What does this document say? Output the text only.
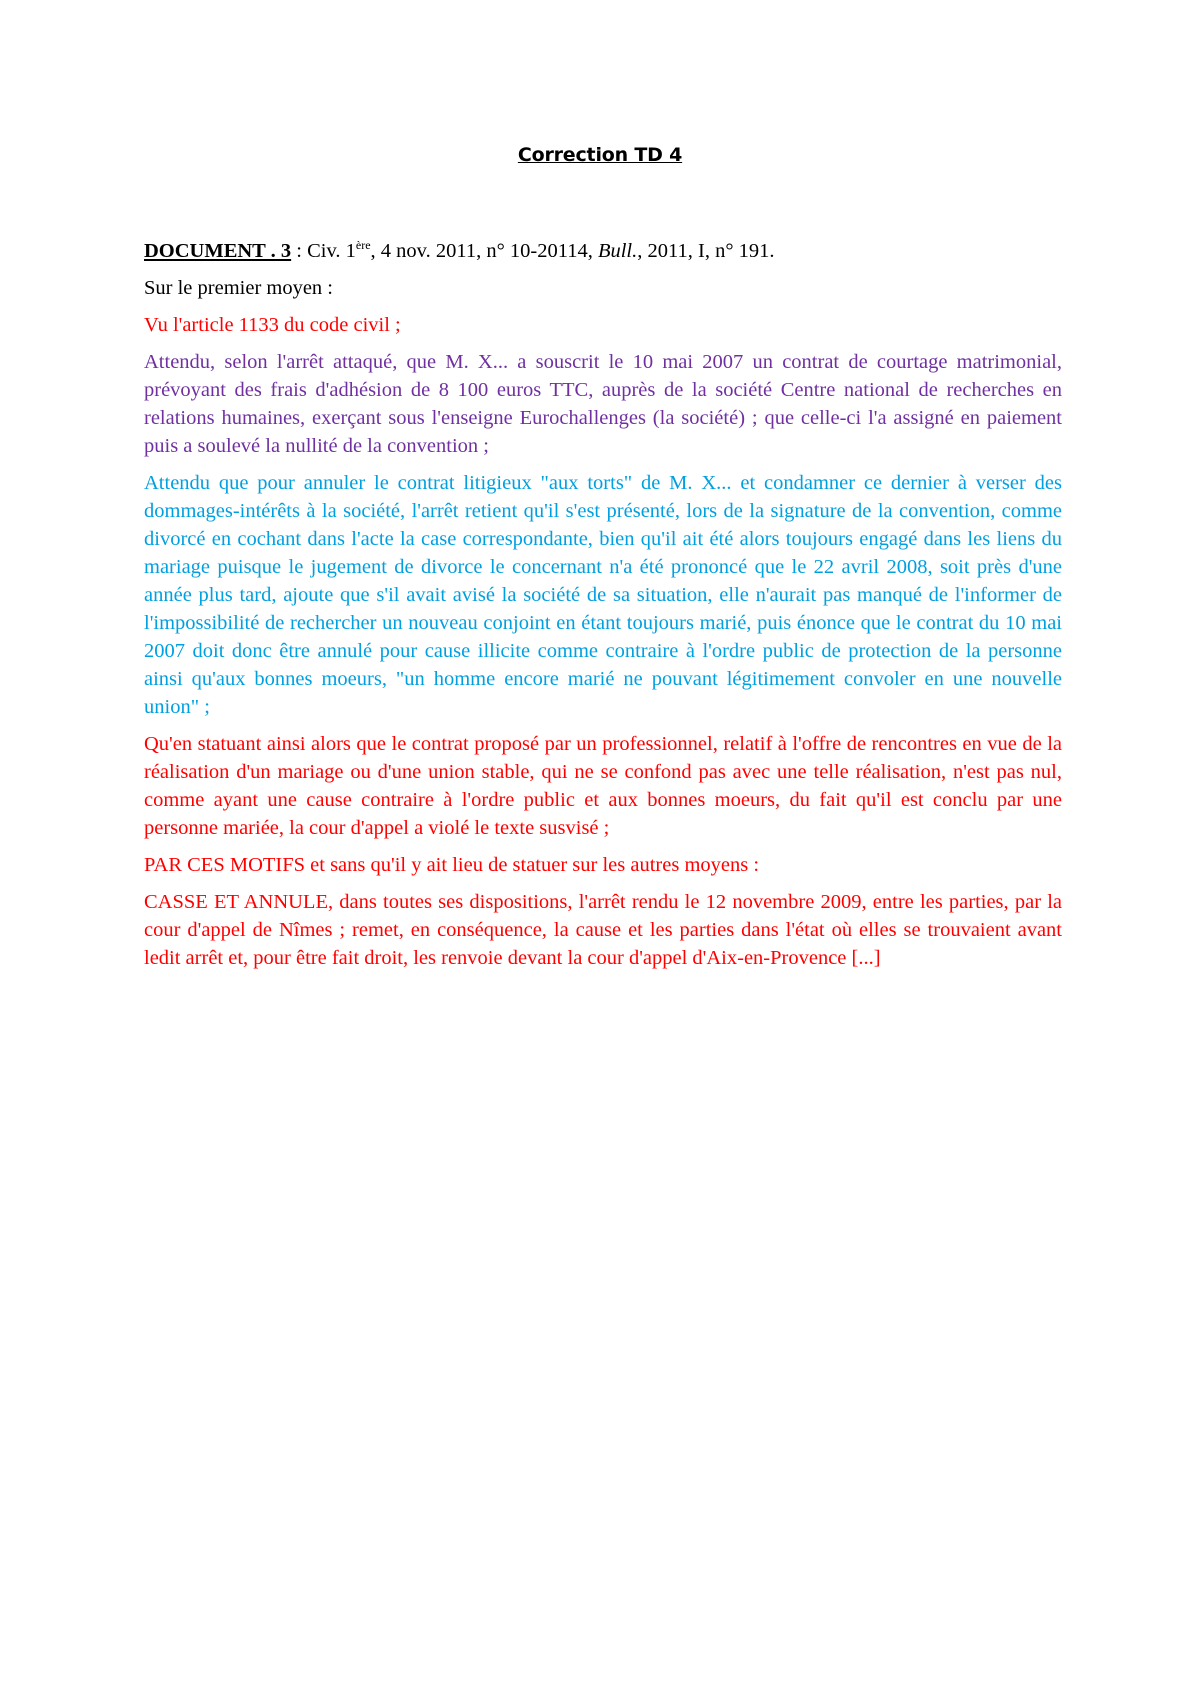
Correction TD 4

DOCUMENT . 3 : Civ. 1ère, 4 nov. 2011, n° 10-20114, Bull., 2011, I, n° 191.

Sur le premier moyen :

Vu l'article 1133 du code civil ;

Attendu, selon l'arrêt attaqué, que M. X... a souscrit le 10 mai 2007 un contrat de courtage matrimonial, prévoyant des frais d'adhésion de 8 100 euros TTC, auprès de la société Centre national de recherches en relations humaines, exerçant sous l'enseigne Eurochallenges (la société) ; que celle-ci l'a assigné en paiement puis a soulevé la nullité de la convention ;

Attendu que pour annuler le contrat litigieux "aux torts" de M. X... et condamner ce dernier à verser des dommages-intérêts à la société, l'arrêt retient qu'il s'est présenté, lors de la signature de la convention, comme divorcé en cochant dans l'acte la case correspondante, bien qu'il ait été alors toujours engagé dans les liens du mariage puisque le jugement de divorce le concernant n'a été prononcé que le 22 avril 2008, soit près d'une année plus tard, ajoute que s'il avait avisé la société de sa situation, elle n'aurait pas manqué de l'informer de l'impossibilité de rechercher un nouveau conjoint en étant toujours marié, puis énonce que le contrat du 10 mai 2007 doit donc être annulé pour cause illicite comme contraire à l'ordre public de protection de la personne ainsi qu'aux bonnes moeurs, "un homme encore marié ne pouvant légitimement convoler en une nouvelle union" ;

Qu'en statuant ainsi alors que le contrat proposé par un professionnel, relatif à l'offre de rencontres en vue de la réalisation d'un mariage ou d'une union stable, qui ne se confond pas avec une telle réalisation, n'est pas nul, comme ayant une cause contraire à l'ordre public et aux bonnes moeurs, du fait qu'il est conclu par une personne mariée, la cour d'appel a violé le texte susvisé ;

PAR CES MOTIFS et sans qu'il y ait lieu de statuer sur les autres moyens :

CASSE ET ANNULE, dans toutes ses dispositions, l'arrêt rendu le 12 novembre 2009, entre les parties, par la cour d'appel de Nîmes ; remet, en conséquence, la cause et les parties dans l'état où elles se trouvaient avant ledit arrêt et, pour être fait droit, les renvoie devant la cour d'appel d'Aix-en-Provence [...]
